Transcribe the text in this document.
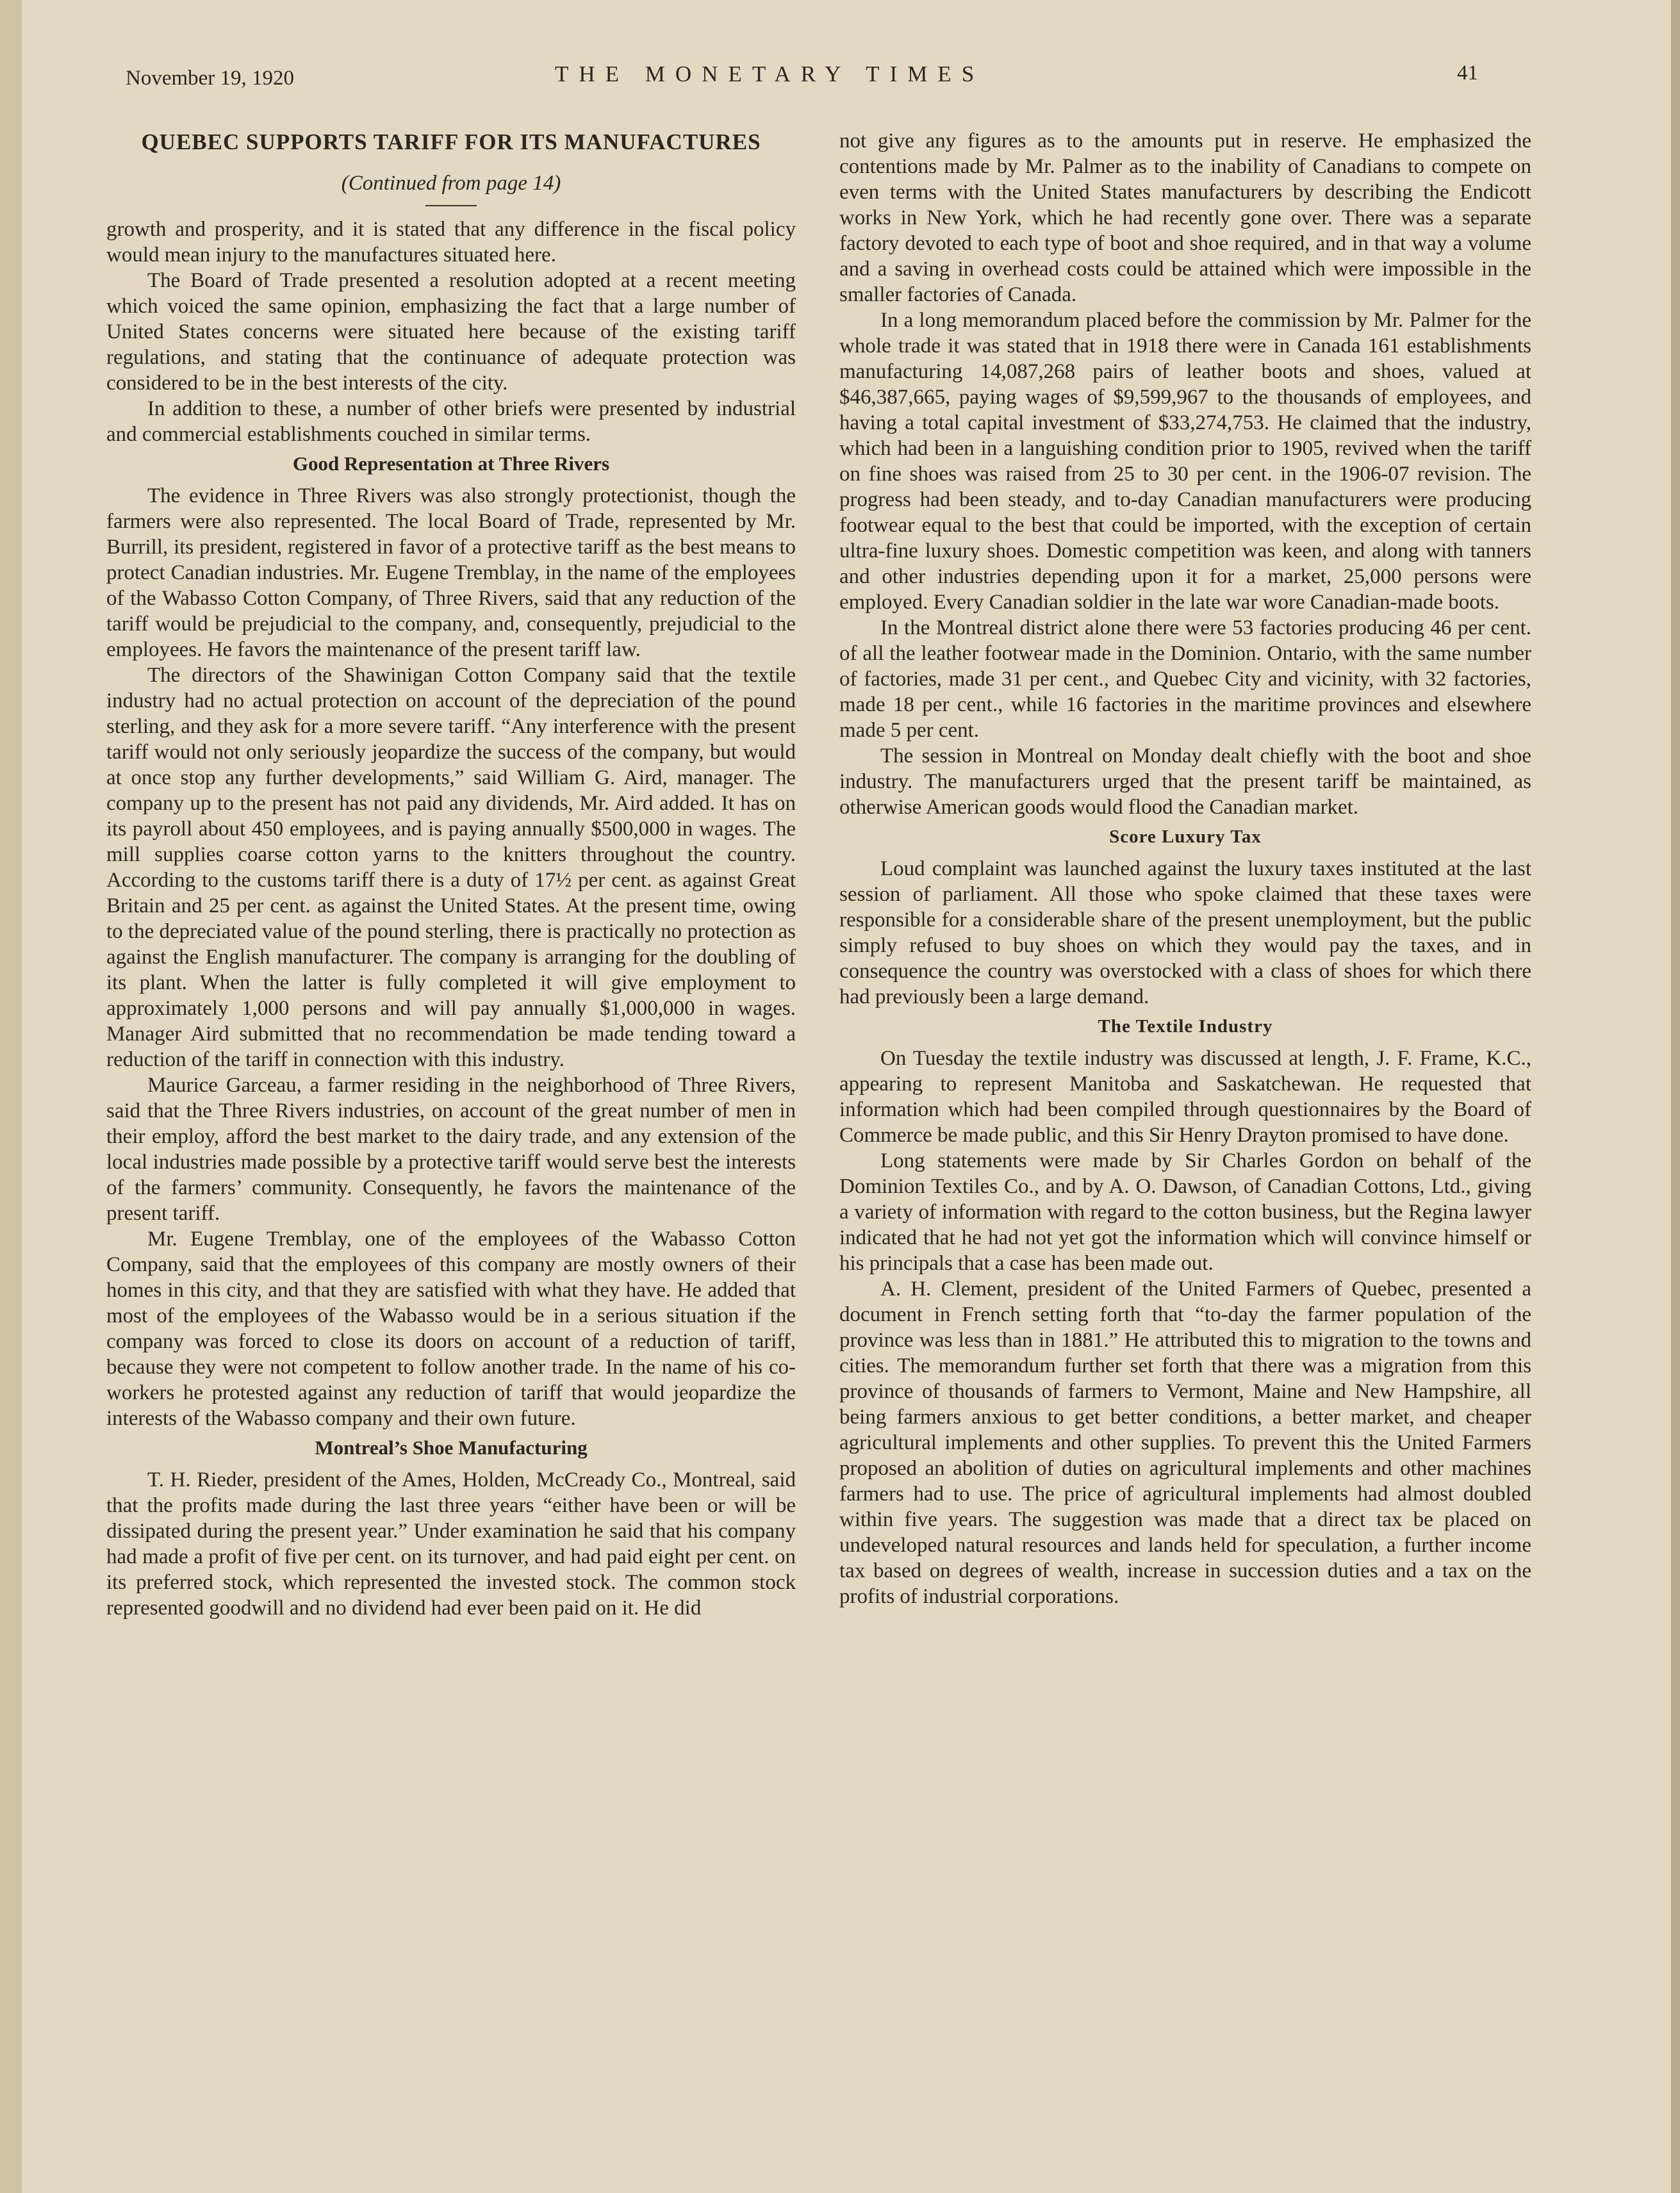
November 19, 1920	THE MONETARY TIMES	41
QUEBEC SUPPORTS TARIFF FOR ITS MANUFACTURES
(Continued from page 14)

growth and prosperity, and it is stated that any difference in the fiscal policy would mean injury to the manufactures situated here.

The Board of Trade presented a resolution adopted at a recent meeting which voiced the same opinion, emphasizing the fact that a large number of United States concerns were situated here because of the existing tariff regulations, and stating that the continuance of adequate protection was considered to be in the best interests of the city.

In addition to these, a number of other briefs were presented by industrial and commercial establishments couched in similar terms.

Good Representation at Three Rivers

The evidence in Three Rivers was also strongly protectionist, though the farmers were also represented. The local Board of Trade, represented by Mr. Burrill, its president, registered in favor of a protective tariff as the best means to protect Canadian industries. Mr. Eugene Tremblay, in the name of the employees of the Wabasso Cotton Company, of Three Rivers, said that any reduction of the tariff would be prejudicial to the company, and, consequently, prejudicial to the employees. He favors the maintenance of the present tariff law.

The directors of the Shawinigan Cotton Company said that the textile industry had no actual protection on account of the depreciation of the pound sterling, and they ask for a more severe tariff. “Any interference with the present tariff would not only seriously jeopardize the success of the company, but would at once stop any further developments,” said William G. Aird, manager. The company up to the present has not paid any dividends, Mr. Aird added. It has on its payroll about 450 employees, and is paying annually $500,000 in wages. The mill supplies coarse cotton yarns to the knitters throughout the country. According to the customs tariff there is a duty of 17½ per cent. as against Great Britain and 25 per cent. as against the United States. At the present time, owing to the depreciated value of the pound sterling, there is practically no protection as against the English manufacturer. The company is arranging for the doubling of its plant. When the latter is fully completed it will give employment to approximately 1,000 persons and will pay annually $1,000,000 in wages. Manager Aird submitted that no recommendation be made tending toward a reduction of the tariff in connection with this industry.

Maurice Garceau, a farmer residing in the neighborhood of Three Rivers, said that the Three Rivers industries, on account of the great number of men in their employ, afford the best market to the dairy trade, and any extension of the local industries made possible by a protective tariff would serve best the interests of the farmers’ community. Consequently, he favors the maintenance of the present tariff.

Mr. Eugene Tremblay, one of the employees of the Wabasso Cotton Company, said that the employees of this company are mostly owners of their homes in this city, and that they are satisfied with what they have. He added that most of the employees of the Wabasso would be in a serious situation if the company was forced to close its doors on account of a reduction of tariff, because they were not competent to follow another trade. In the name of his co-workers he protested against any reduction of tariff that would jeopardize the interests of the Wabasso company and their own future.

Montreal’s Shoe Manufacturing

T. H. Rieder, president of the Ames, Holden, McCready Co., Montreal, said that the profits made during the last three years “either have been or will be dissipated during the present year.” Under examination he said that his company had made a profit of five per cent. on its turnover, and had paid eight per cent. on its preferred stock, which represented the invested stock. The common stock represented goodwill and no dividend had ever been paid on it. He did

not give any figures as to the amounts put in reserve. He emphasized the contentions made by Mr. Palmer as to the inability of Canadians to compete on even terms with the United States manufacturers by describing the Endicott works in New York, which he had recently gone over. There was a separate factory devoted to each type of boot and shoe required, and in that way a volume and a saving in overhead costs could be attained which were impossible in the smaller factories of Canada.

In a long memorandum placed before the commission by Mr. Palmer for the whole trade it was stated that in 1918 there were in Canada 161 establishments manufacturing 14,087,268 pairs of leather boots and shoes, valued at $46,387,665, paying wages of $9,599,967 to the thousands of employees, and having a total capital investment of $33,274,753. He claimed that the industry, which had been in a languishing condition prior to 1905, revived when the tariff on fine shoes was raised from 25 to 30 per cent. in the 1906-07 revision. The progress had been steady, and to-day Canadian manufacturers were producing footwear equal to the best that could be imported, with the exception of certain ultra-fine luxury shoes. Domestic competition was keen, and along with tanners and other industries depending upon it for a market, 25,000 persons were employed. Every Canadian soldier in the late war wore Canadian-made boots.

In the Montreal district alone there were 53 factories producing 46 per cent. of all the leather footwear made in the Dominion. Ontario, with the same number of factories, made 31 per cent., and Quebec City and vicinity, with 32 factories, made 18 per cent., while 16 factories in the maritime provinces and elsewhere made 5 per cent.

The session in Montreal on Monday dealt chiefly with the boot and shoe industry. The manufacturers urged that the present tariff be maintained, as otherwise American goods would flood the Canadian market.

Score Luxury Tax

Loud complaint was launched against the luxury taxes instituted at the last session of parliament. All those who spoke claimed that these taxes were responsible for a considerable share of the present unemployment, but the public simply refused to buy shoes on which they would pay the taxes, and in consequence the country was overstocked with a class of shoes for which there had previously been a large demand.

The Textile Industry

On Tuesday the textile industry was discussed at length, J. F. Frame, K.C., appearing to represent Manitoba and Saskatchewan. He requested that information which had been compiled through questionnaires by the Board of Commerce be made public, and this Sir Henry Drayton promised to have done.

Long statements were made by Sir Charles Gordon on behalf of the Dominion Textiles Co., and by A. O. Dawson, of Canadian Cottons, Ltd., giving a variety of information with regard to the cotton business, but the Regina lawyer indicated that he had not yet got the information which will convince himself or his principals that a case has been made out.

A. H. Clement, president of the United Farmers of Quebec, presented a document in French setting forth that “to-day the farmer population of the province was less than in 1881.” He attributed this to migration to the towns and cities. The memorandum further set forth that there was a migration from this province of thousands of farmers to Vermont, Maine and New Hampshire, all being farmers anxious to get better conditions, a better market, and cheaper agricultural implements and other supplies. To prevent this the United Farmers proposed an abolition of duties on agricultural implements and other machines farmers had to use. The price of agricultural implements had almost doubled within five years. The suggestion was made that a direct tax be placed on undeveloped natural resources and lands held for speculation, a further income tax based on degrees of wealth, increase in succession duties and a tax on the profits of industrial corporations.
